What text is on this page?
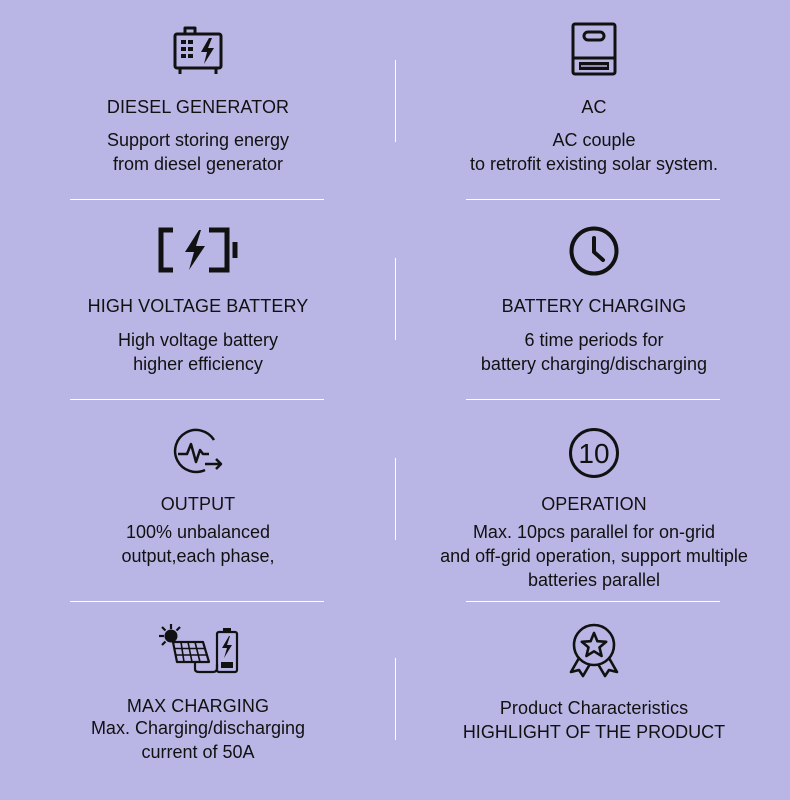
DIESEL GENERATOR
Support storing energy
from diesel generator
AC
AC couple
to retrofit existing solar system.
HIGH VOLTAGE BATTERY
High voltage battery
higher efficiency
BATTERY CHARGING
6 time periods for
battery charging/discharging
OUTPUT
100% unbalanced
output,each phase,
10
OPERATION
Max. 10pcs parallel for on-grid
and off-grid operation, support multiple
batteries parallel
MAX CHARGING
Max. Charging/discharging
current of 50A
Product Characteristics
HIGHLIGHT OF THE PRODUCT
